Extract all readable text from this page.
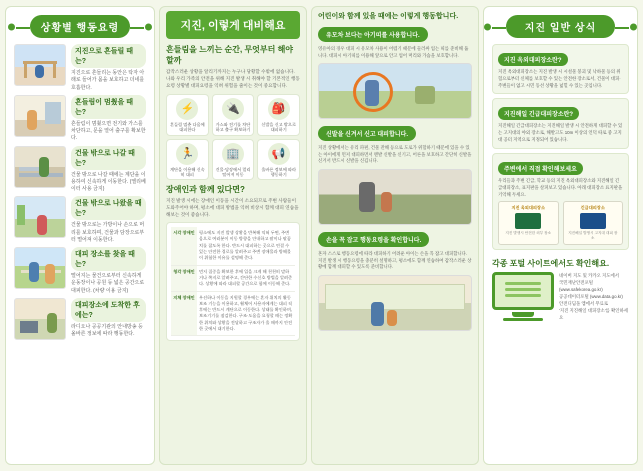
상황별 행동요령
지진으로 흔들릴 때는?
지진으로 흔들리는 동안은 탁자 아래로 들어가 몸을 보호하고 더네를 호흡한다.
흔들림이 멈췄을 때는?
흔들림이 멈췄으면 전기와 가스를 차단하고, 문을 열어 출구를 확보한다.
건물 밖으로 나갈 때는?
건물 밖으로 나갈 때에는 계단을 이용하여 신속하게 이동한다. (엘리베이터 사용 금지)
건물 밖으로 나왔을 때는?
건물 밖으로는 가방이나 손으로 머리를 보호하며, 건물과 담장으로부터 떨어져 이동한다.
대피 장소를 찾을 때는?
떨어지는 물건으로부터 신속하게 운동장이나 공원 등 넓은 공간으로 대피한다. (차량 이용 금지)
대피장소에 도착한 후에는?
라디오나 공공기관의 안내방송 등 올바른 정보에 따라 행동한다.
지진, 이렇게 대비해요
흔들림을 느끼는 순간, 무엇부터 해야 할까
갑작스러운 상황을 알리기까지는 누구나 당황할 수밖에 없습니다. 나와 우리 가족의 안전을 위해 지진 발생 시 취해야 할 기본적인 행동요령 상황별 대피요령을 익혀 위험을 줄이는 것이 중요합니다.
⚡
흔들림 멈춘 다음에 대피한다
🔌
가스와 전기를 차단하고 출구 확보하기
🎒
신발을 신고 밖으로 대피하기
🏃
계단을 이용해 신속히 대피
🏢
건물·담장에서 멀리 떨어져 이동
📢
올바른 정보에 따라 행동하기
장애인과 함께 있다면?
지진 발생 시에는 장애인 이동을 시간이 소요되므로 주변 사람들이 도와주어야 하며, 평소에 대피 방법을 익혀 비상시 함께 대피 연습을 해보는 것이 좋습니다.
시각 장애인	평소에도 지진 발생 상황을 반복해 익혀 두면, 주변 음으로 여러분이 이동 방향을 안내하고 팔이나 팔꿈치를 잡도록 한다. 반드시 대피하는 곳으로 연결 수 있는 안전한 경로를 알려주고 주변 장애물과 방해물이 위험한 이유를 설명해 준다.
청각 장애인	먼저 집중을 확보한 후에 입을 크게 해 천천히 말하거나 쪽지로 알려주고, 간단한 수신호 방법을 알려준다. 상황에 따라 대피할 공간으로 함께 이동해 준다.
지체 장애인	우선하나 이동을 지원할 경우에는 혼자 위치의 활동보조 기능을 이용하고, 휠체어 사용자에게는 대피 직후에는 반드시 계단으로 이동한다. 상태를 확인하며, 보조기기를 점검한다. 구조·도움을 요청할 때는 정확한 위치와 상황을 전달하고 구조자가 올 때까지 안전한 곳에서 대기한다.
어린이와 함께 있을 때에는 이렇게 행동합니다.
유모차 보다는 아기띠를 사용합니다.
영유아의 경우 대피 시 유모차 사용이 어렵기 때문에 둘러싸 업는 띠를 준비해 둡니다. 대피시 아기띠를 이용해 앞으로 안고 업어 머리와 가슴을 보호합니다.
신발을 신겨서 신고 대피합니다.
지진 상황에서는 유리 파편, 건물 잔해 등으로 도로가 위험하기 때문에 있을 수 있는 아이에게 먼저 대피하면서 맨발 신발을 신기고, 어른을 보호하고 간단히 신발을 신겨서 반드시 신발을 신깁니다.
손을 꼭 잡고 행동요령을 확인합니다.
혼자 스스로 행동요령에 따라 대피하기 어려운 아이는 손을 꼭 잡고 대피합니다. 지진 발생 시 행동요령을 충분히 설명하고, 평소에도 함께 연습하여 갑작스러운 상황에 함께 대피할 수 있도록 준비합니다.
지진 일반 상식
지진 옥외대피장소란?
지진 옥외대피장소는 지진 발생 시 시설물 붕괴 및 낙하물 등의 위험으로부터 신체를 보호할 수 있는 안전한 장소로서, 건물이 대피·주변들이 없고 시민 동선 상황을 넓힐 수 있는 곳입니다.
지진해일 긴급대피장소란?
지진해일 긴급대피장소는 지진해일 발생 시 안전하게 대피할 수 있는 고지대의 야외 장소로, 해발고도 10m 이상의 언덕 따로 중 고지대 공터 지역으로 지정되어 있습니다.
주변에서 직접 확인해보세요
우리들과 주변 긴급, 학교 등의 지진 옥외대피장소와 지진해일 긴급대피장소, 표지판을 살펴보고 있습니다. 아래 대피장소 표지판을 기억해 두세요.
지진 옥외대피장소
지진 발생시 안전한 외부 장소
긴급대피장소
지진해일 발생시 고지대 대피 장소
각종 포털 사이트에서도 확인해요.
네이버 지도 및 카카오 지도에서
국민재난안전포털 (www.safekorea.go.kr)
공공데이터포털 (www.data.go.kr)
안전디딤돌 앱에서 무료로
'지진 지진해일 대피장소'를 확인하세요
